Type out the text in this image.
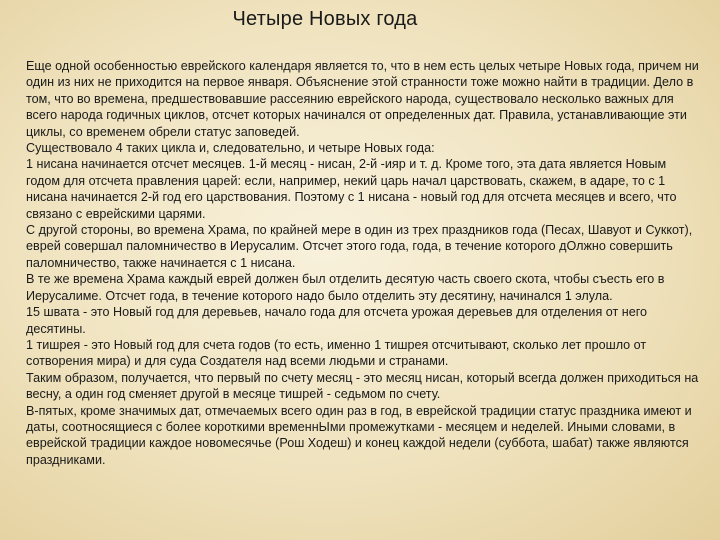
Четыре Новых года

Еще одной особенностью еврейского календаря является то, что в нем есть целых четыре Новых года, причем ни один из них не приходится на первое января. Объяснение этой странности тоже можно найти в традиции. Дело в том, что во времена, предшествовавшие рассеянию еврейского народа, существовало несколько важных для всего народа годичных циклов, отсчет которых начинался от определенных дат. Правила, устанавливающие эти циклы, со временем обрели статус заповедей.

Существовало 4 таких цикла и, следовательно, и четыре Новых года:

1 нисана начинается отсчет месяцев. 1-й месяц - нисан, 2-й -ияр и т. д. Кроме того, эта дата является Новым годом для отсчета правления царей: если, например, некий царь начал царствовать, скажем, в адаре, то с 1 нисана начинается 2-й год его царствования. Поэтому с 1 нисана - новый год для отсчета месяцев и всего, что связано с еврейскими царями.

С другой стороны, во времена Храма, по крайней мере в один из трех праздников года (Песах, Шавуот и Суккот), еврей совершал паломничество в Иерусалим. Отсчет этого года, года, в течение которого дОлжно совершить паломничество, также начинается с 1 нисана.

В те же времена Храма каждый еврей должен был отделить десятую часть своего скота, чтобы съесть его в Иерусалиме. Отсчет года, в течение которого надо было отделить эту десятину, начинался 1 элула.

15 швата - это Новый год для деревьев, начало года для отсчета урожая деревьев для отделения от него десятины.

1 тишрея - это Новый год для счета годов (то есть, именно 1 тишрея отсчитывают, сколько лет прошло от сотворения мира) и для суда Создателя над всеми людьми и странами.

Таким образом, получается, что первый по счету месяц - это месяц нисан, который всегда должен приходиться на весну, а один год сменяет другой в месяце тишрей - седьмом по счету.

В-пятых, кроме значимых дат, отмечаемых всего один раз в год, в еврейской традиции статус праздника имеют и даты, соотносящиеся с более короткими временнЫми промежутками - месяцем и неделей. Иными словами, в еврейской традиции каждое новомесячье (Рош Ходеш) и конец каждой недели (суббота, шабат) также являются праздниками.
